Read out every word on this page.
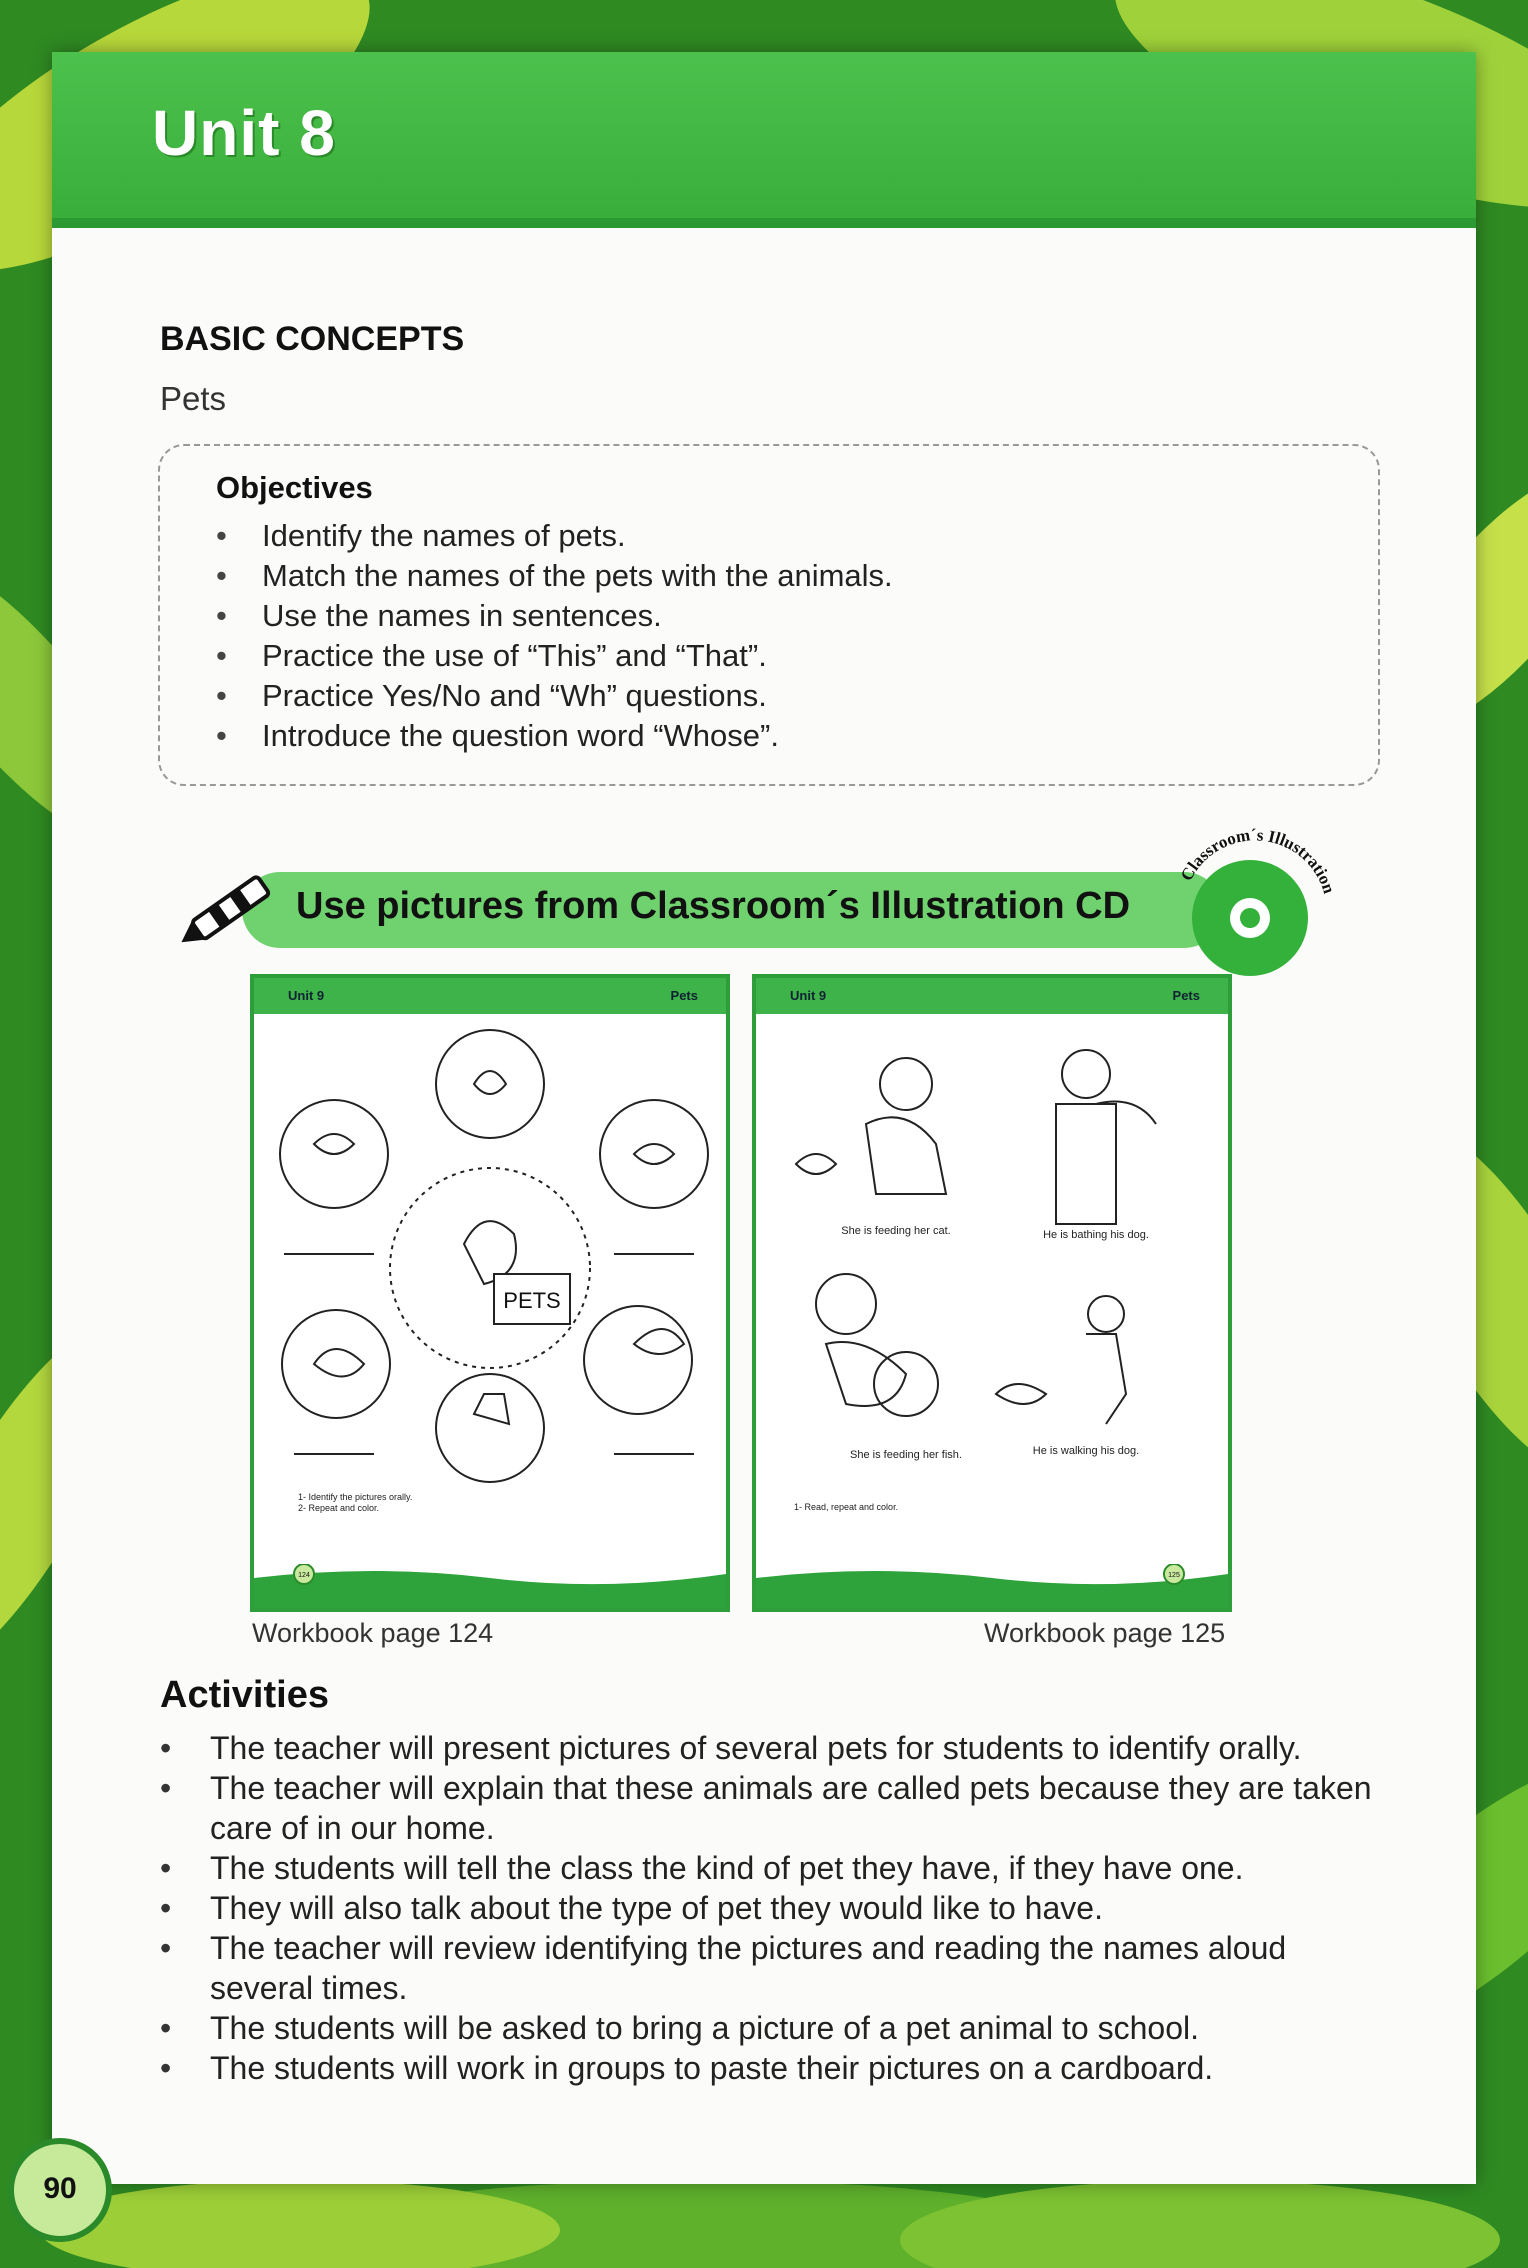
Unit 8
BASIC CONCEPTS
Pets
Objectives
• Identify the names of pets.
• Match the names of the pets with the animals.
• Use the names in sentences.
• Practice the use of “This” and “That”.
• Practice Yes/No and “Wh” questions.
• Introduce the question word “Whose”.
Use pictures from Classroom´s Illustration CD
Classroom´s Illustration
Unit 9	Pets
PETS
1- Identify the pictures orally.
2- Repeat and color.
124
Unit 9	Pets
She is feeding her cat.	He is bathing his dog.
She is feeding her fish.	He is walking his dog.
1- Read, repeat and color.
125
Workbook page 124	Workbook page 125
Activities
• The teacher will present pictures of several pets for students to identify orally.
• The teacher will explain that these animals are called pets because they are taken care of in our home.
• The students will tell the class the kind of pet they have, if they have one.
• They will also talk about the type of pet they would like to have.
• The teacher will review identifying the pictures and reading the names aloud several times.
• The students will be asked to bring a picture of a pet animal to school.
• The students will work in groups to paste their pictures on a cardboard.
90
